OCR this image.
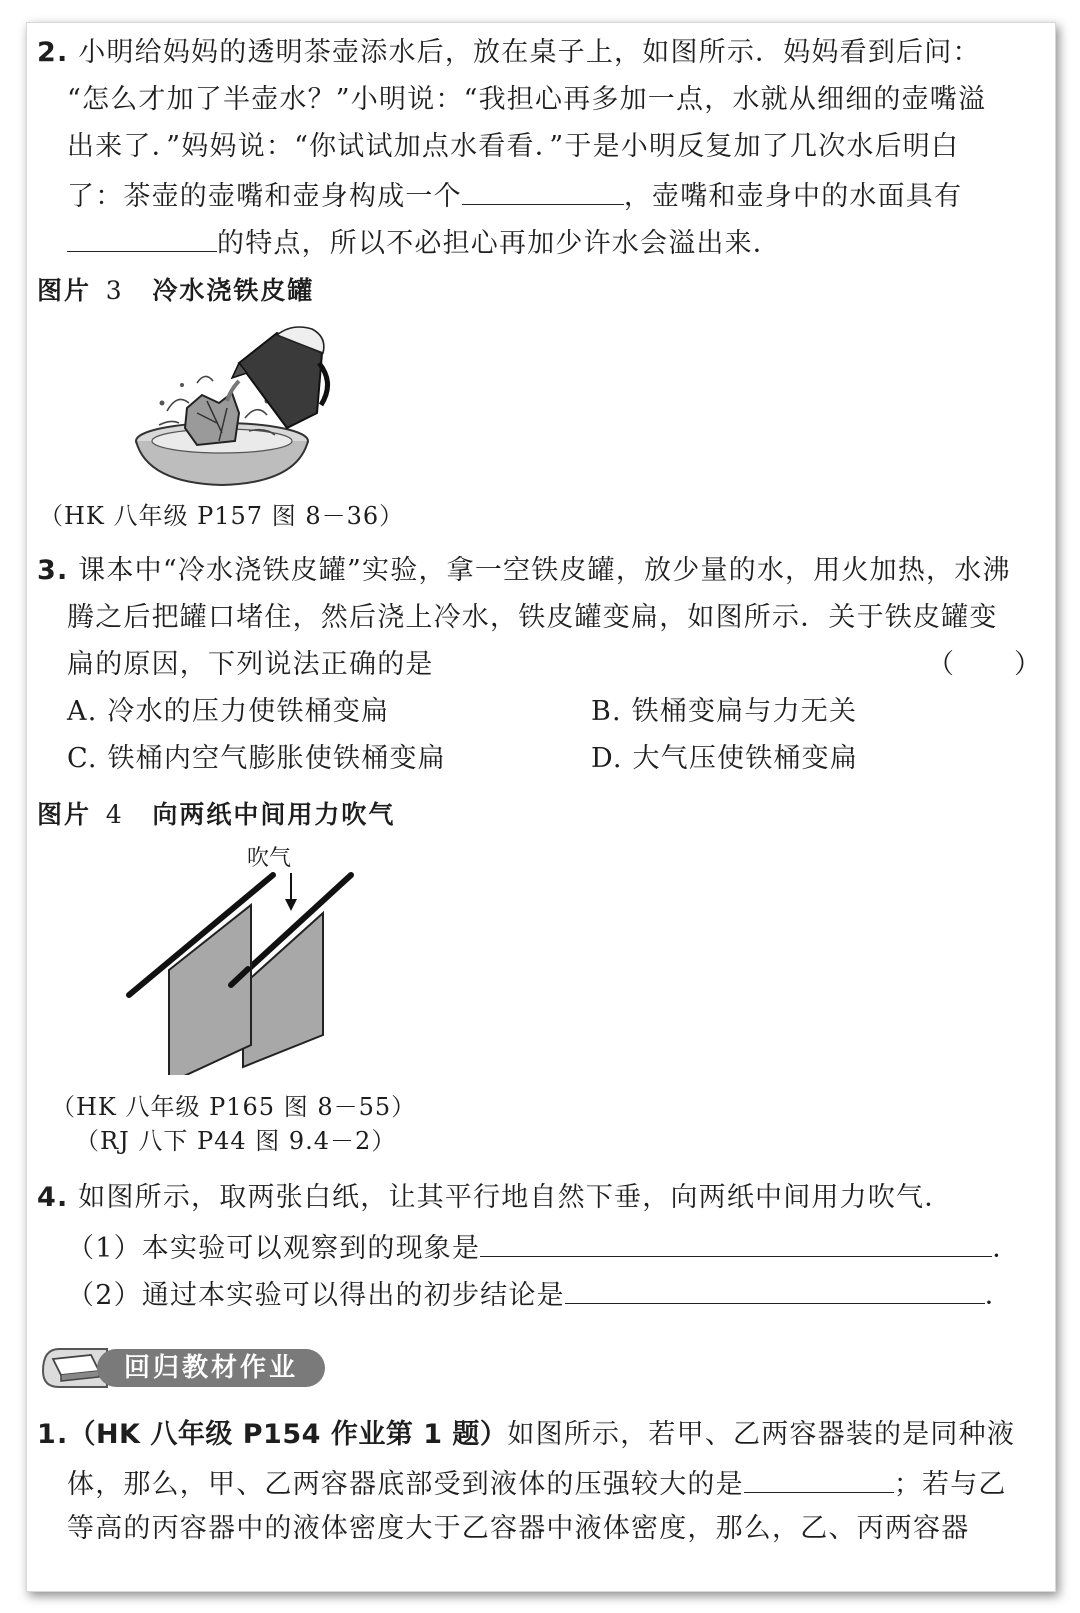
2. 小明给妈妈的透明茶壶添水后，放在桌子上，如图所示．妈妈看到后问：
“怎么才加了半壶水？”小明说：“我担心再多加一点，水就从细细的壶嘴溢
出来了．”妈妈说：“你试试加点水看看．”于是小明反复加了几次水后明白
了：茶壶的壶嘴和壶身构成一个	，壶嘴和壶身中的水面具有
的特点，所以不必担心再加少许水会溢出来．
图片 3 冷水浇铁皮罐
（HK 八年级 P157 图 8－36）
3. 课本中“冷水浇铁皮罐”实验，拿一空铁皮罐，放少量的水，用火加热，水沸
腾之后把罐口堵住，然后浇上冷水，铁皮罐变扁，如图所示．关于铁皮罐变
扁的原因，下列说法正确的是	（　　）
A. 冷水的压力使铁桶变扁	B. 铁桶变扁与力无关
C. 铁桶内空气膨胀使铁桶变扁	D. 大气压使铁桶变扁
图片 4 向两纸中间用力吹气
吹气
（HK 八年级 P165 图 8－55）
（RJ 八下 P44 图 9.4－2）
4. 如图所示，取两张白纸，让其平行地自然下垂，向两纸中间用力吹气．
（1）本实验可以观察到的现象是	．
（2）通过本实验可以得出的初步结论是	．
回归教材作业
1.（HK 八年级 P154 作业第 1 题）如图所示，若甲、乙两容器装的是同种液
体，那么，甲、乙两容器底部受到液体的压强较大的是	；若与乙
等高的丙容器中的液体密度大于乙容器中液体密度，那么，乙、丙两容器
